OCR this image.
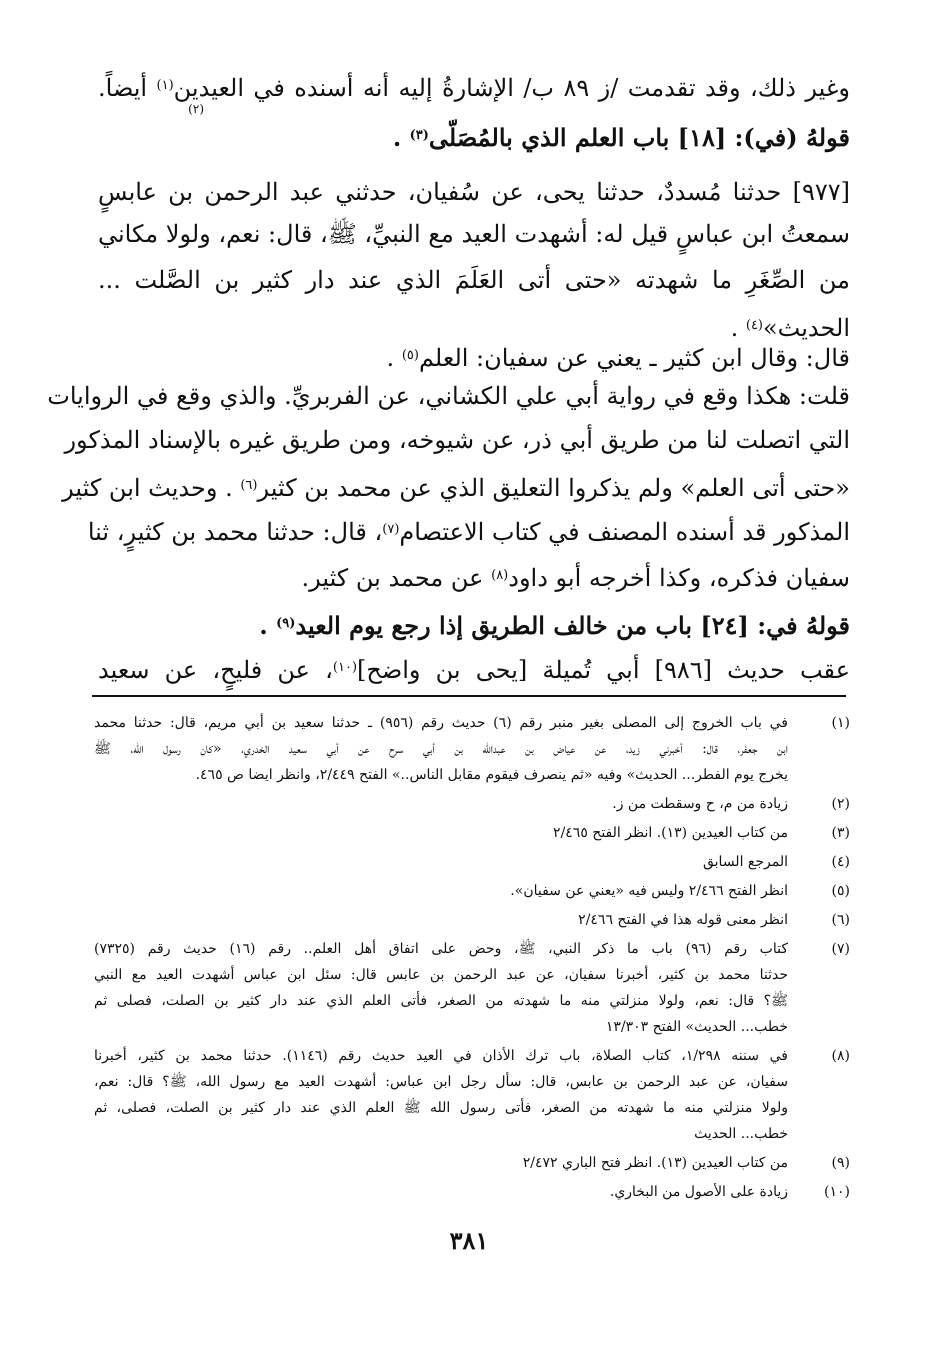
وغير ذلك، وقد تقدمت /ز ٨٩ ب/ الإشارةُ إليه أنه أسنده في العيدين$^{(١)}$ أيضاً.
(٢)
قولهُ (في): [١٨] باب العلم الذي بالمُصَلّى$^{(٣)}$ .
[٩٧٧] حدثنا مُسددٌ، حدثنا يحى، عن سُفيان، حدثني عبد الرحمن بن عابسٍ
سمعتُ ابن عباسٍ قيل له: أشهدت العيد مع النبيِّ، ﷺ، قال: نعم، ولولا مكاني
من الصِّغَرِ ما شهدته «حتى أتى العَلَمَ الذي عند دار كثير بن الصَّلت ...
الحديث»$^{(٤)}$ .
قال: وقال ابن كثير ـ يعني عن سفيان: العلم$^{(٥)}$ .
قلت: هكذا وقع في رواية أبي علي الكشاني، عن الفربريِّ. والذي وقع في الروايات
التي اتصلت لنا من طريق أبي ذر، عن شيوخه، ومن طريق غيره بالإسناد المذكور
«حتى أتى العلم» ولم يذكروا التعليق الذي عن محمد بن كثير$^{(٦)}$ . وحديث ابن كثير
المذكور قد أسنده المصنف في كتاب الاعتصام$^{(٧)}$، قال: حدثنا محمد بن كثيرٍ، ثنا
سفيان فذكره، وكذا أخرجه أبو داود$^{(٨)}$ عن محمد بن كثير.
قولهُ في: [٢٤] باب من خالف الطريق إذا رجع يوم العيد$^{(٩)}$ .
عقب حديث [٩٨٦] أبي تُميلة [يحى بن واضح]$^{(١٠)}$، عن فليحٍ، عن سعيد
(١)
في باب الخروج إلى المصلى بغير منبر رقم (٦) حديث رقم (٩٥٦) ـ حدثنا سعيد بن أبي مريم، قال: حدثنا محمد
ابن جعفر، قال: أخبرني زيد، عن عياض بن عبدالله بن أبي سرح عن أبي سعيد الخدري، «كان رسول الله، ﷺ
يخرج يوم الفطر... الحديث» وفيه «ثم ينصرف فيقوم مقابل الناس..» الفتح ٢/٤٤٩، وانظر ايضا ص ٤٦٥.
(٢)
زيادة من م، ح وسقطت من ز.
(٣)
من كتاب العيدين (١٣). انظر الفتح ٢/٤٦٥
(٤)
المرجع السابق
(٥)
انظر الفتح ٢/٤٦٦ وليس فيه «يعني عن سفيان».
(٦)
انظر معنى قوله هذا في الفتح ٢/٤٦٦
(٧)
كتاب رقم (٩٦) باب ما ذكر النبي، ﷺ، وحض على اتفاق أهل العلم.. رقم (١٦) حديث رقم (٧٣٢٥)
حدثنا محمد بن كثير، أخبرنا سفيان، عن عبد الرحمن بن عابس قال: سئل ابن عباس أشهدت العيد مع النبي
ﷺ؟ قال: نعم، ولولا منزلتي منه ما شهدته من الصغر، فأتى العلم الذي عند دار كثير بن الصلت، فصلى ثم
خطب... الحديث» الفتح ١٣/٣٠٣
(٨)
في سننه ١/٢٩٨، كتاب الصلاة، باب ترك الأذان في العيد حديث رقم (١١٤٦). حدثنا محمد بن كثير، أخبرنا
سفيان، عن عبد الرحمن بن عابس، قال: سأل رجل ابن عباس: أشهدت العيد مع رسول الله، ﷺ؟ قال: نعم،
ولولا منزلتي منه ما شهدته من الصغر، فأتى رسول الله ﷺ العلم الذي عند دار كثير بن الصلت، فصلى، ثم
خطب... الحديث
(٩)
من كتاب العيدين (١٣). انظر فتح الباري ٢/٤٧٢
(١٠)
زيادة على الأصول من البخاري.
٣٨١
